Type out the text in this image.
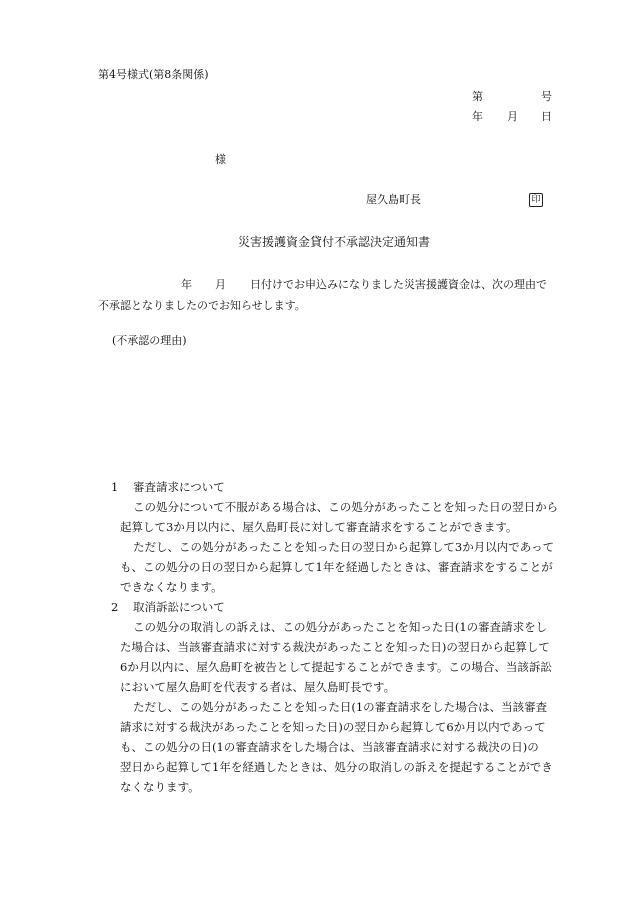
第4号様式(第8条関係)
第	号
年 月 日
様
屋久島町長	印
災害援護資金貸付不承認決定通知書
年 月 日付けでお申込みになりました災害援護資金は、次の理由で
不承認となりましたのでお知らせします。
(不承認の理由)
1 審査請求について
この処分について不服がある場合は、この処分があったことを知った日の翌日から
起算して3か月以内に、屋久島町長に対して審査請求をすることができます。
ただし、この処分があったことを知った日の翌日から起算して3か月以内であって
も、この処分の日の翌日から起算して1年を経過したときは、審査請求をすることが
できなくなります。
2 取消訴訟について
この処分の取消しの訴えは、この処分があったことを知った日(1の審査請求をし
た場合は、当該審査請求に対する裁決があったことを知った日)の翌日から起算して
6か月以内に、屋久島町を被告として提起することができます。この場合、当該訴訟
において屋久島町を代表する者は、屋久島町長です。
ただし、この処分があったことを知った日(1の審査請求をした場合は、当該審査
請求に対する裁決があったことを知った日)の翌日から起算して6か月以内であって
も、この処分の日(1の審査請求をした場合は、当該審査請求に対する裁決の日)の
翌日から起算して1年を経過したときは、処分の取消しの訴えを提起することができ
なくなります。
